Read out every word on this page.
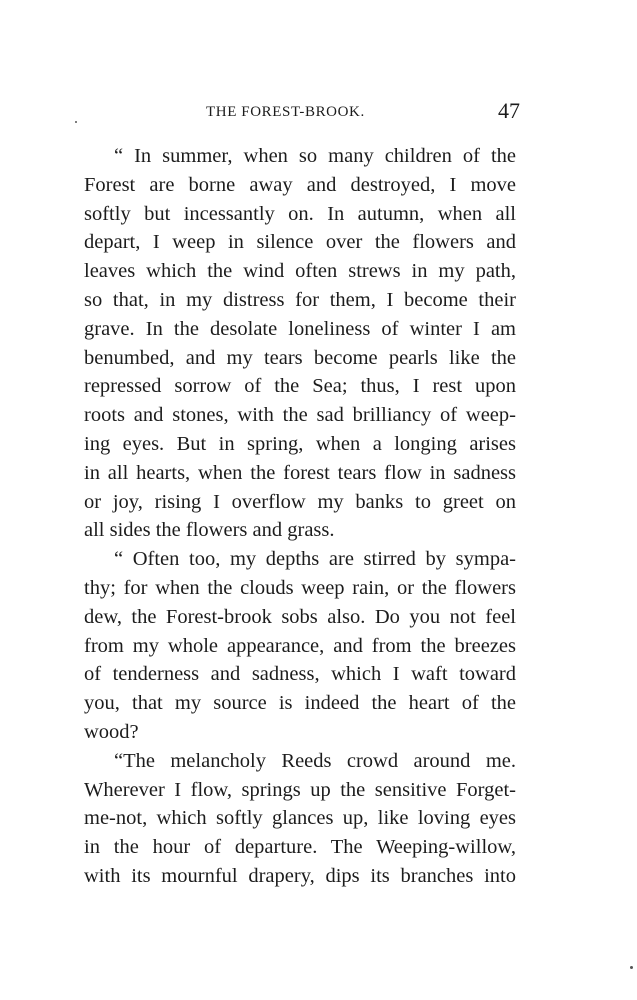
THE FOREST-BROOK.	47
“ In summer, when so many children of the
Forest are borne away and destroyed, I move
softly but incessantly on. In autumn, when all
depart, I weep in silence over the flowers and
leaves which the wind often strews in my path,
so that, in my distress for them, I become their
grave. In the desolate loneliness of winter I am
benumbed, and my tears become pearls like the
repressed sorrow of the Sea; thus, I rest upon
roots and stones, with the sad brilliancy of weep-
ing eyes. But in spring, when a longing arises
in all hearts, when the forest tears flow in sadness
or joy, rising I overflow my banks to greet on
all sides the flowers and grass.
“ Often too, my depths are stirred by sympa-
thy; for when the clouds weep rain, or the flowers
dew, the Forest-brook sobs also. Do you not feel
from my whole appearance, and from the breezes
of tenderness and sadness, which I waft toward
you, that my source is indeed the heart of the
wood?
“The melancholy Reeds crowd around me.
Wherever I flow, springs up the sensitive Forget-
me-not, which softly glances up, like loving eyes
in the hour of departure. The Weeping-willow,
with its mournful drapery, dips its branches into
